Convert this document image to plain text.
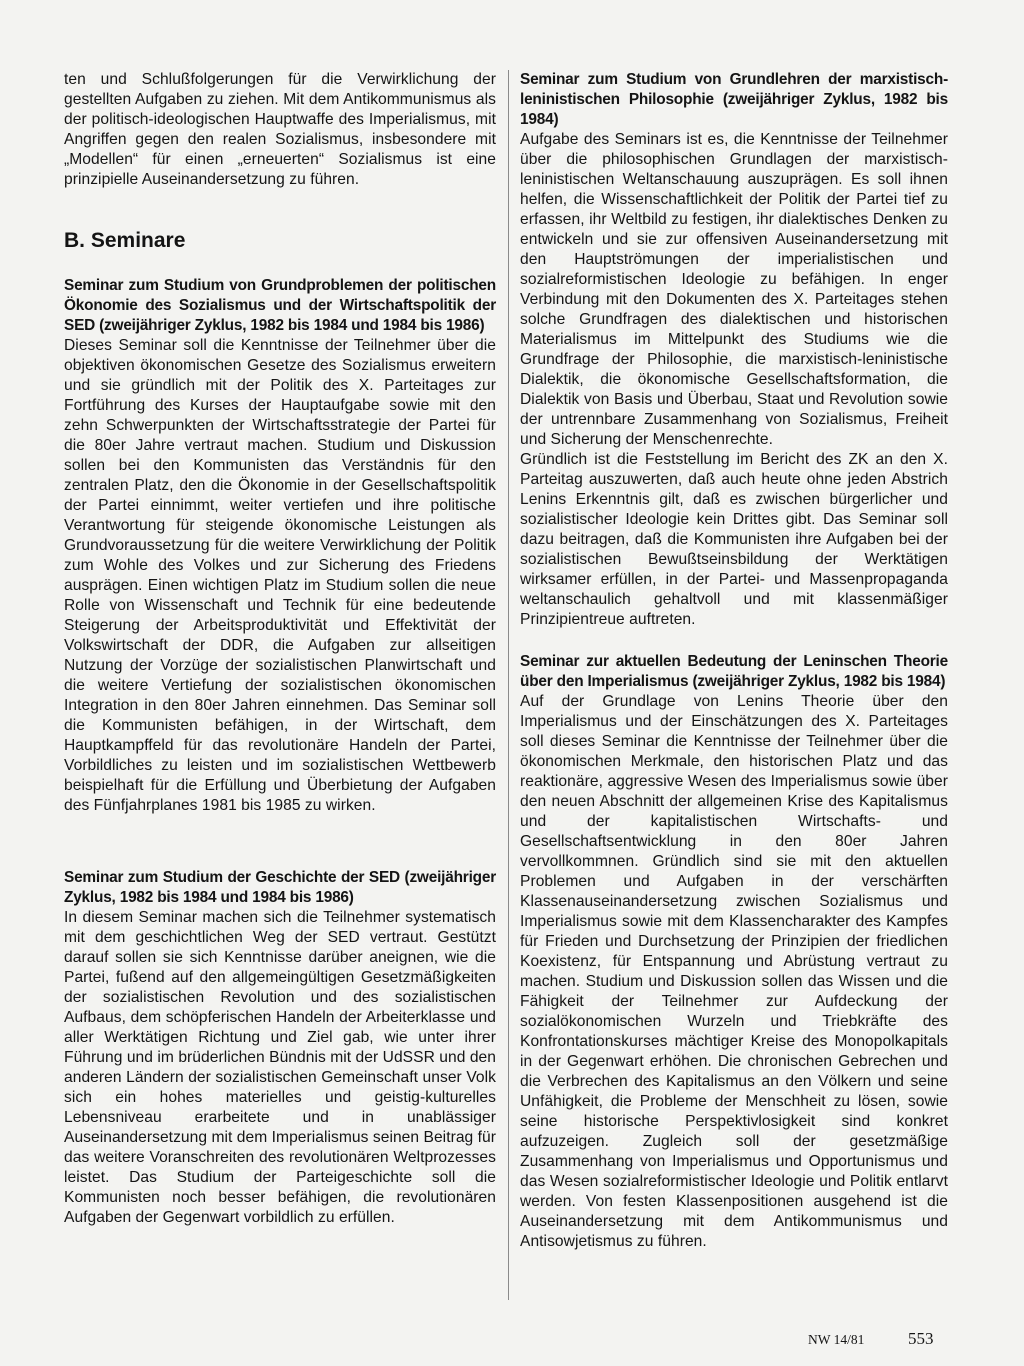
ten und Schlußfolgerungen für die Verwirklichung der gestellten Aufgaben zu ziehen. Mit dem Antikommunismus als der politisch-ideologischen Hauptwaffe des Imperialismus, mit Angriffen gegen den realen Sozialismus, insbesondere mit „Modellen“ für einen „erneuerten“ Sozialismus ist eine prinzipielle Auseinandersetzung zu führen.

B. Seminare

Seminar zum Studium von Grundproblemen der politischen Ökonomie des Sozialismus und der Wirtschaftspolitik der SED (zweijähriger Zyklus, 1982 bis 1984 und 1984 bis 1986)

Dieses Seminar soll die Kenntnisse der Teilnehmer über die objektiven ökonomischen Gesetze des Sozialismus erweitern und sie gründlich mit der Politik des X. Parteitages zur Fortführung des Kurses der Hauptaufgabe sowie mit den zehn Schwerpunkten der Wirtschaftsstrategie der Partei für die 80er Jahre vertraut machen. Studium und Diskussion sollen bei den Kommunisten das Verständnis für den zentralen Platz, den die Ökonomie in der Gesellschaftspolitik der Partei einnimmt, weiter vertiefen und ihre politische Verantwortung für steigende ökonomische Leistungen als Grundvoraussetzung für die weitere Verwirklichung der Politik zum Wohle des Volkes und zur Sicherung des Friedens ausprägen. Einen wichtigen Platz im Studium sollen die neue Rolle von Wissenschaft und Technik für eine bedeutende Steigerung der Arbeitsproduktivität und Effektivität der Volkswirtschaft der DDR, die Aufgaben zur allseitigen Nutzung der Vorzüge der sozialistischen Planwirtschaft und die weitere Vertiefung der sozialistischen ökonomischen Integration in den 80er Jahren einnehmen. Das Seminar soll die Kommunisten befähigen, in der Wirtschaft, dem Hauptkampffeld für das revolutionäre Handeln der Partei, Vorbildliches zu leisten und im sozialistischen Wettbewerb beispielhaft für die Erfüllung und Überbietung der Aufgaben des Fünfjahrplanes 1981 bis 1985 zu wirken.

Seminar zum Studium der Geschichte der SED (zweijähriger Zyklus, 1982 bis 1984 und 1984 bis 1986)

In diesem Seminar machen sich die Teilnehmer systematisch mit dem geschichtlichen Weg der SED vertraut. Gestützt darauf sollen sie sich Kenntnisse darüber aneignen, wie die Partei, fußend auf den allgemeingültigen Gesetzmäßigkeiten der sozialistischen Revolution und des sozialistischen Aufbaus, dem schöpferischen Handeln der Arbeiterklasse und aller Werktätigen Richtung und Ziel gab, wie unter ihrer Führung und im brüderlichen Bündnis mit der UdSSR und den anderen Ländern der sozialistischen Gemeinschaft unser Volk sich ein hohes materielles und geistig-kulturelles Lebensniveau erarbeitete und in unablässiger Auseinandersetzung mit dem Imperialismus seinen Beitrag für das weitere Voranschreiten des revolutionären Weltprozesses leistet. Das Studium der Parteigeschichte soll die Kommunisten noch besser befähigen, die revolutionären Aufgaben der Gegenwart vorbildlich zu erfüllen.

Seminar zum Studium von Grundlehren der marxistisch-leninistischen Philosophie (zweijähriger Zyklus, 1982 bis 1984)

Aufgabe des Seminars ist es, die Kenntnisse der Teilnehmer über die philosophischen Grundlagen der marxistisch-leninistischen Weltanschauung auszuprägen. Es soll ihnen helfen, die Wissenschaftlichkeit der Politik der Partei tief zu erfassen, ihr Weltbild zu festigen, ihr dialektisches Denken zu entwickeln und sie zur offensiven Auseinandersetzung mit den Hauptströmungen der imperialistischen und sozialreformistischen Ideologie zu befähigen. In enger Verbindung mit den Dokumenten des X. Parteitages stehen solche Grundfragen des dialektischen und historischen Materialismus im Mittelpunkt des Studiums wie die Grundfrage der Philosophie, die marxistisch-leninistische Dialektik, die ökonomische Gesellschaftsformation, die Dialektik von Basis und Überbau, Staat und Revolution sowie der untrennbare Zusammenhang von Sozialismus, Freiheit und Sicherung der Menschenrechte.

Gründlich ist die Feststellung im Bericht des ZK an den X. Parteitag auszuwerten, daß auch heute ohne jeden Abstrich Lenins Erkenntnis gilt, daß es zwischen bürgerlicher und sozialistischer Ideologie kein Drittes gibt. Das Seminar soll dazu beitragen, daß die Kommunisten ihre Aufgaben bei der sozialistischen Bewußtseinsbildung der Werktätigen wirksamer erfüllen, in der Partei- und Massenpropaganda weltanschaulich gehaltvoll und mit klassenmäßiger Prinzipientreue auftreten.

Seminar zur aktuellen Bedeutung der Leninschen Theorie über den Imperialismus (zweijähriger Zyklus, 1982 bis 1984)

Auf der Grundlage von Lenins Theorie über den Imperialismus und der Einschätzungen des X. Parteitages soll dieses Seminar die Kenntnisse der Teilnehmer über die ökonomischen Merkmale, den historischen Platz und das reaktionäre, aggressive Wesen des Imperialismus sowie über den neuen Abschnitt der allgemeinen Krise des Kapitalismus und der kapitalistischen Wirtschafts- und Gesellschaftsentwicklung in den 80er Jahren vervollkommnen. Gründlich sind sie mit den aktuellen Problemen und Aufgaben in der verschärften Klassenauseinandersetzung zwischen Sozialismus und Imperialismus sowie mit dem Klassencharakter des Kampfes für Frieden und Durchsetzung der Prinzipien der friedlichen Koexistenz, für Entspannung und Abrüstung vertraut zu machen. Studium und Diskussion sollen das Wissen und die Fähigkeit der Teilnehmer zur Aufdeckung der sozialökonomischen Wurzeln und Triebkräfte des Konfrontationskurses mächtiger Kreise des Monopolkapitals in der Gegenwart erhöhen. Die chronischen Gebrechen und die Verbrechen des Kapitalismus an den Völkern und seine Unfähigkeit, die Probleme der Menschheit zu lösen, sowie seine historische Perspektivlosigkeit sind konkret aufzuzeigen. Zugleich soll der gesetzmäßige Zusammenhang von Imperialismus und Opportunismus und das Wesen sozialreformistischer Ideologie und Politik entlarvt werden. Von festen Klassenpositionen ausgehend ist die Auseinandersetzung mit dem Antikommunismus und Antisowjetismus zu führen.

NW 14/81	553
